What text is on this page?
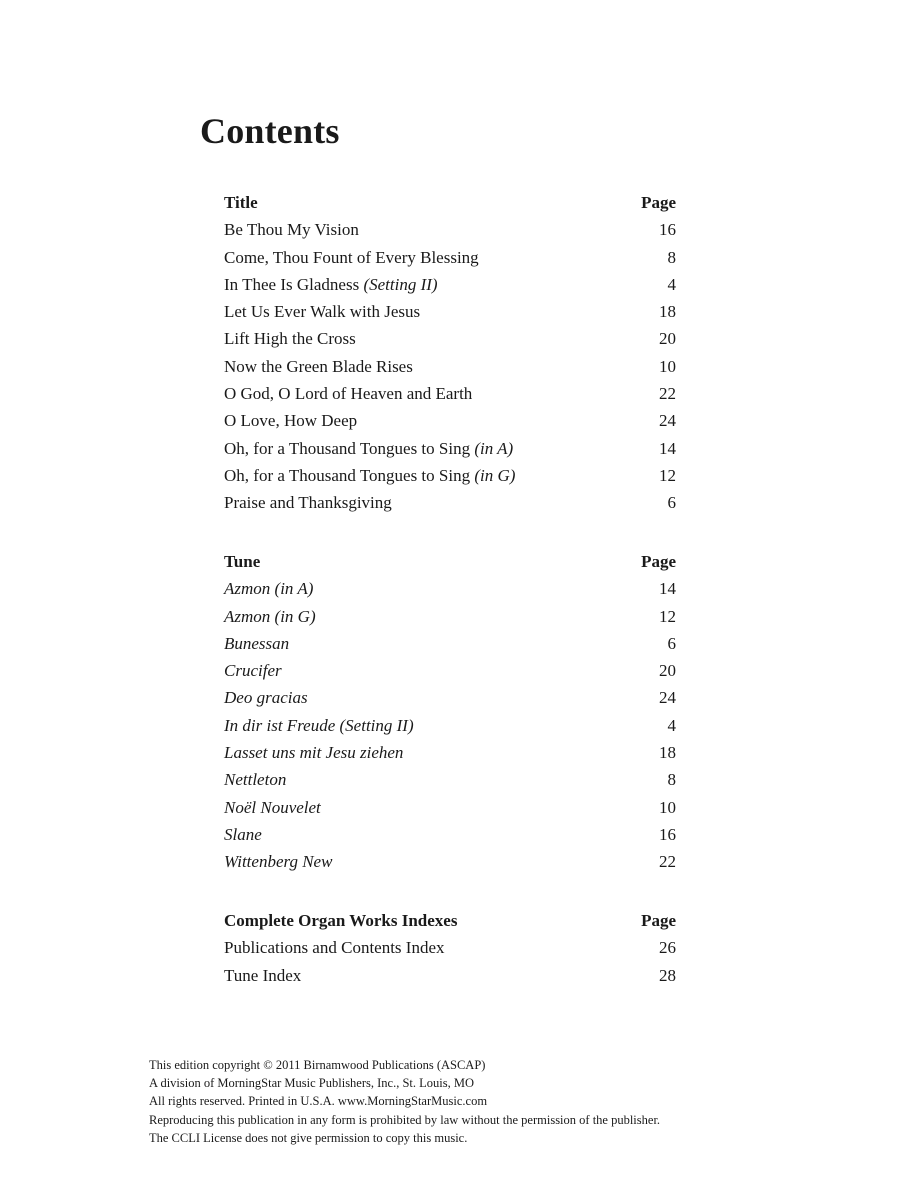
Contents
Title	Page
Be Thou My Vision	16
Come, Thou Fount of Every Blessing	8
In Thee Is Gladness (Setting II)	4
Let Us Ever Walk with Jesus	18
Lift High the Cross	20
Now the Green Blade Rises	10
O God, O Lord of Heaven and Earth	22
O Love, How Deep	24
Oh, for a Thousand Tongues to Sing (in A)	14
Oh, for a Thousand Tongues to Sing (in G)	12
Praise and Thanksgiving	6
Tune	Page
Azmon (in A)	14
Azmon (in G)	12
Bunessan	6
Crucifer	20
Deo gracias	24
In dir ist Freude (Setting II)	4
Lasset uns mit Jesu ziehen	18
Nettleton	8
Noël Nouvelet	10
Slane	16
Wittenberg New	22
Complete Organ Works Indexes	Page
Publications and Contents Index	26
Tune Index	28
This edition copyright © 2011 Birnamwood Publications (ASCAP)
A division of MorningStar Music Publishers, Inc., St. Louis, MO
All rights reserved. Printed in U.S.A. www.MorningStarMusic.com
Reproducing this publication in any form is prohibited by law without the permission of the publisher.
The CCLI License does not give permission to copy this music.
